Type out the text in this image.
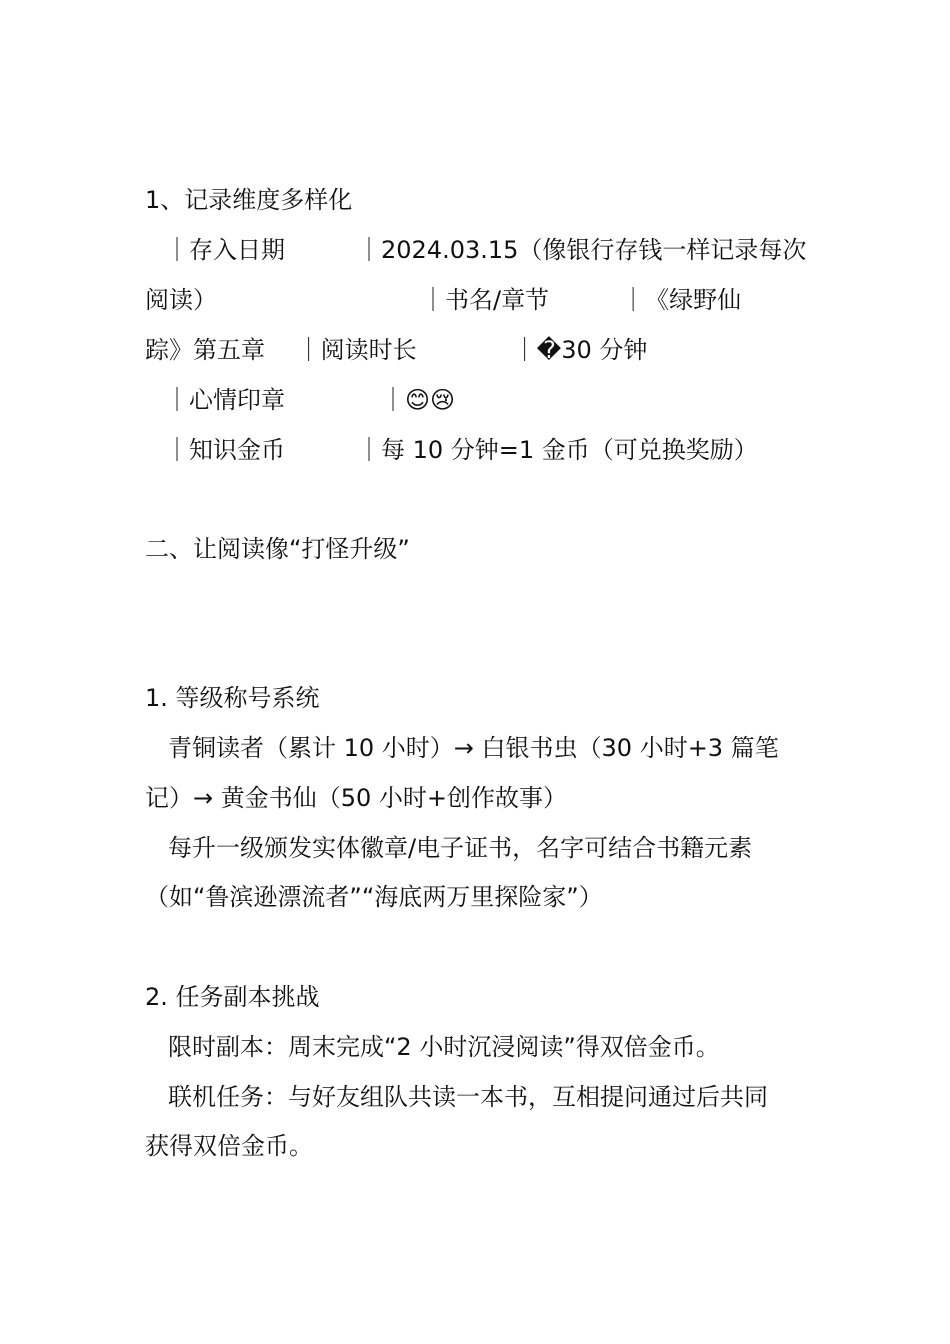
1、记录维度多样化
｜存入日期　　　｜2024.03.15（像银行存钱一样记录每次
阅读）　　　　　　　　　｜书名/章节　　　｜《绿野仙
踪》第五章　 ｜阅读时长　　　　｜�30 分钟
｜心情印章　　　　｜😊😢
｜知识金币　　　｜每 10 分钟=1 金币（可兑换奖励）
二、让阅读像“打怪升级”
1. 等级称号系统
青铜读者（累计 10 小时）→ 白银书虫（30 小时+3 篇笔
记）→ 黄金书仙（50 小时+创作故事）
每升一级颁发实体徽章/电子证书，名字可结合书籍元素
（如“鲁滨逊漂流者”“海底两万里探险家”）
2. 任务副本挑战
限时副本：周末完成“2 小时沉浸阅读”得双倍金币。
联机任务：与好友组队共读一本书，互相提问通过后共同
获得双倍金币。
